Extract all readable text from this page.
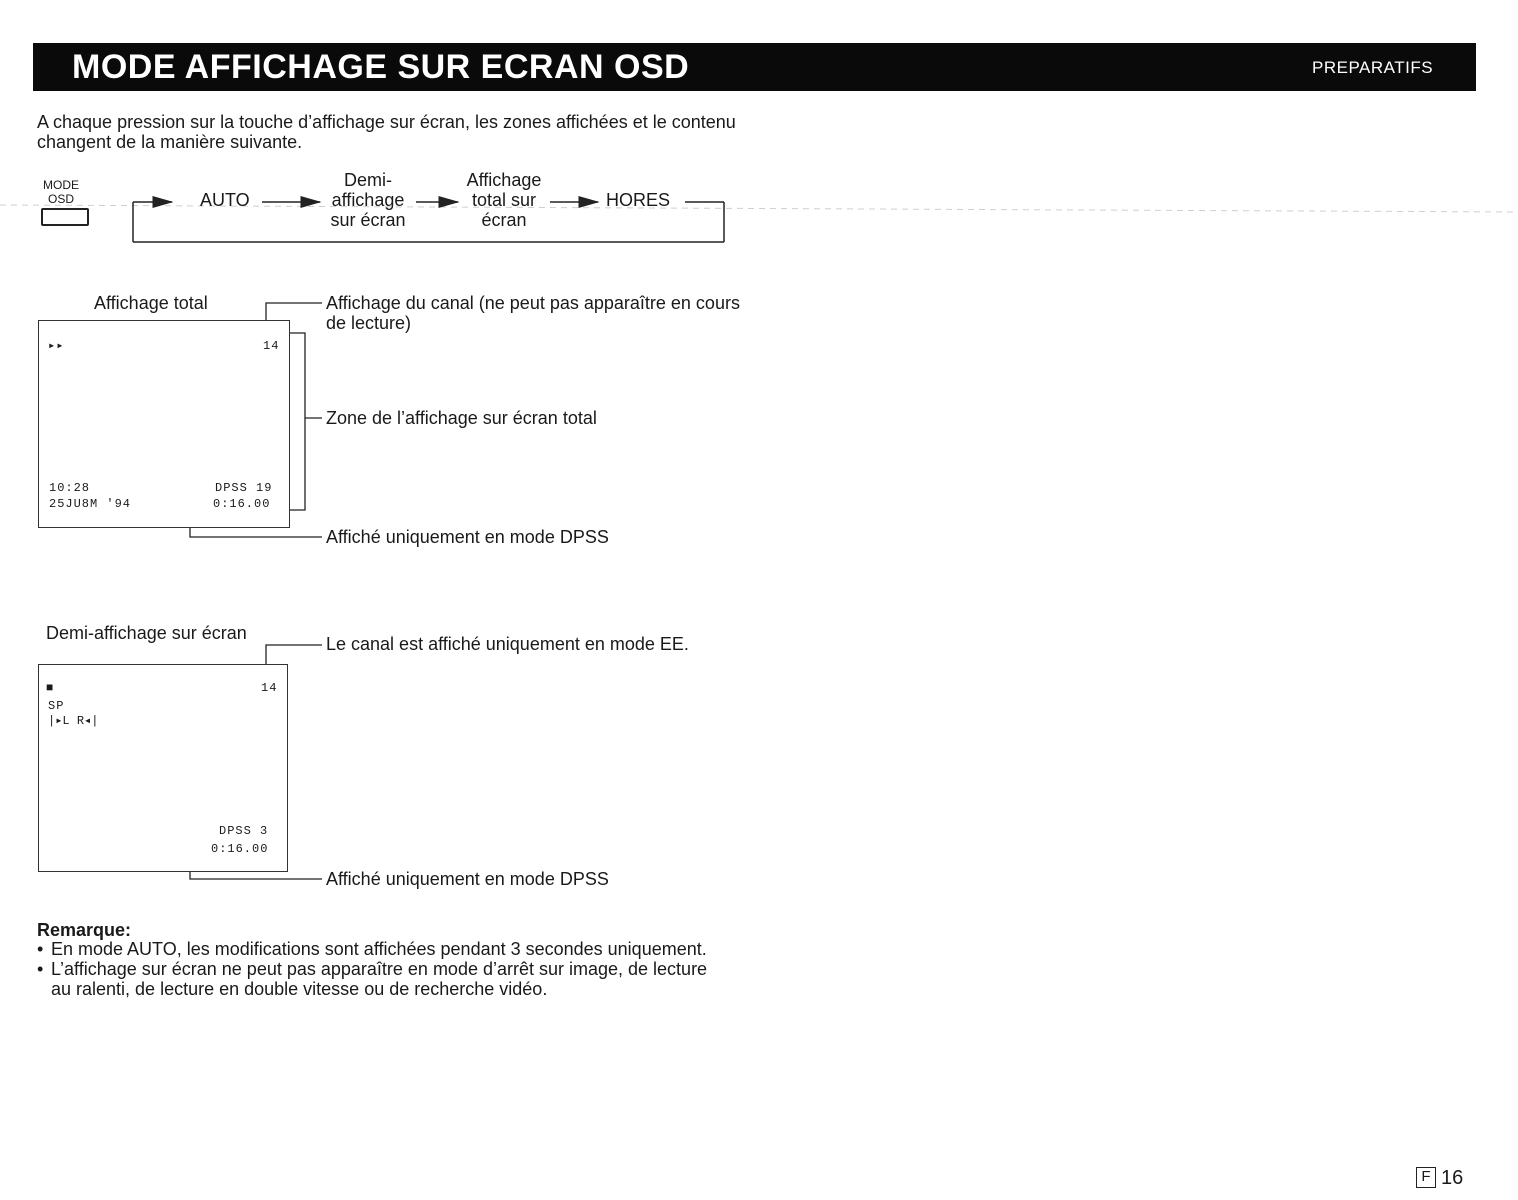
MODE AFFICHAGE SUR ECRAN OSD	PREPARATIFS
A chaque pression sur la touche d’affichage sur écran, les zones affichées et le contenu changent de la manière suivante.
MODE
OSD	AUTO
Demi-
affichage
sur écran
Affichage
total sur
écran
HORES
Affichage total
▸▸	14
10:28
25JU8M '94
DPSS 19
0:16.00
Affichage du canal (ne peut pas apparaître en cours de lecture)
Zone de l’affichage sur écran total
Affiché uniquement en mode DPSS
Demi-affichage sur écran
■	14
SP
|▸L R◂|
DPSS 3
0:16.00
Le canal est affiché uniquement en mode EE.
Affiché uniquement en mode DPSS
Remarque:
• En mode AUTO, les modifications sont affichées pendant 3 secondes uniquement.
• L’affichage sur écran ne peut pas apparaître en mode d’arrêt sur image, de lecture au ralenti, de lecture en double vitesse ou de recherche vidéo.
F 16
